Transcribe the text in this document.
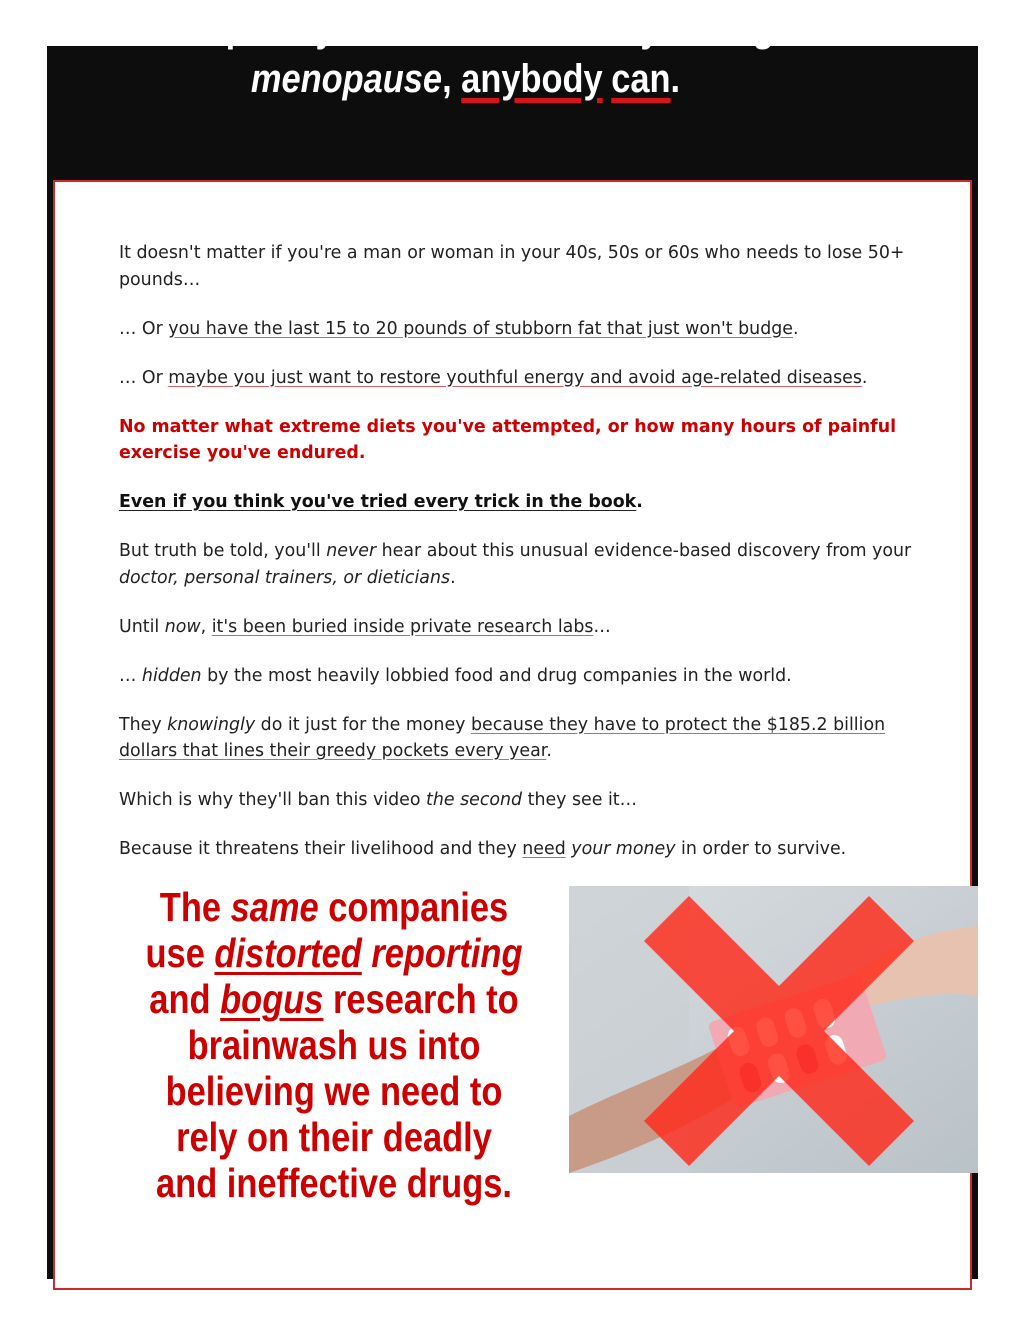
completely transform her body during
menopause, anybody can.

It doesn't matter if you're a man or woman in your 40s, 50s or 60s who needs to lose 50+ pounds…

… Or you have the last 15 to 20 pounds of stubborn fat that just won't budge.

… Or maybe you just want to restore youthful energy and avoid age-related diseases.

No matter what extreme diets you've attempted, or how many hours of painful exercise you've endured.

Even if you think you've tried every trick in the book.

But truth be told, you'll never hear about this unusual evidence-based discovery from your doctor, personal trainers, or dieticians.

Until now, it's been buried inside private research labs…

… hidden by the most heavily lobbied food and drug companies in the world.

They knowingly do it just for the money because they have to protect the $185.2 billion dollars that lines their greedy pockets every year.

Which is why they'll ban this video the second they see it…

Because it threatens their livelihood and they need your money in order to survive.

The same companies
use distorted reporting
and bogus research to brainwash us into believing we need to rely on their deadly and ineffective drugs.
